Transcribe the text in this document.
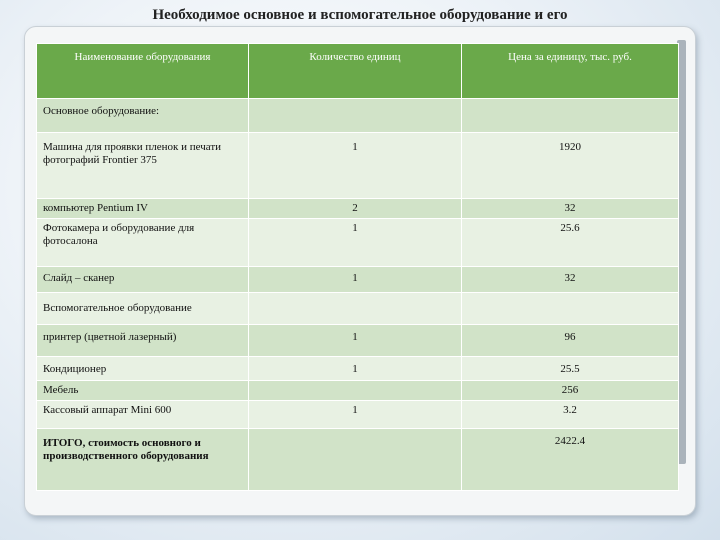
Необходимое основное и вспомогательное оборудование и его
Наименование оборудования	Количество единиц	Цена за единицу, тыс. руб.
Основное оборудование:		
Машина для проявки пленок и печати фотографий Frontier 375	1	1920
компьютер Pentium IV	2	32
Фотокамера и оборудование для фотосалона	1	25.6
Слайд – сканер	1	32
Вспомогательное оборудование		
принтер (цветной лазерный)	1	96
Кондиционер	1	25.5
Мебель		256
Кассовый аппарат Mini 600	1	3.2
ИТОГО, стоимость основного и производственного оборудования		2422.4
